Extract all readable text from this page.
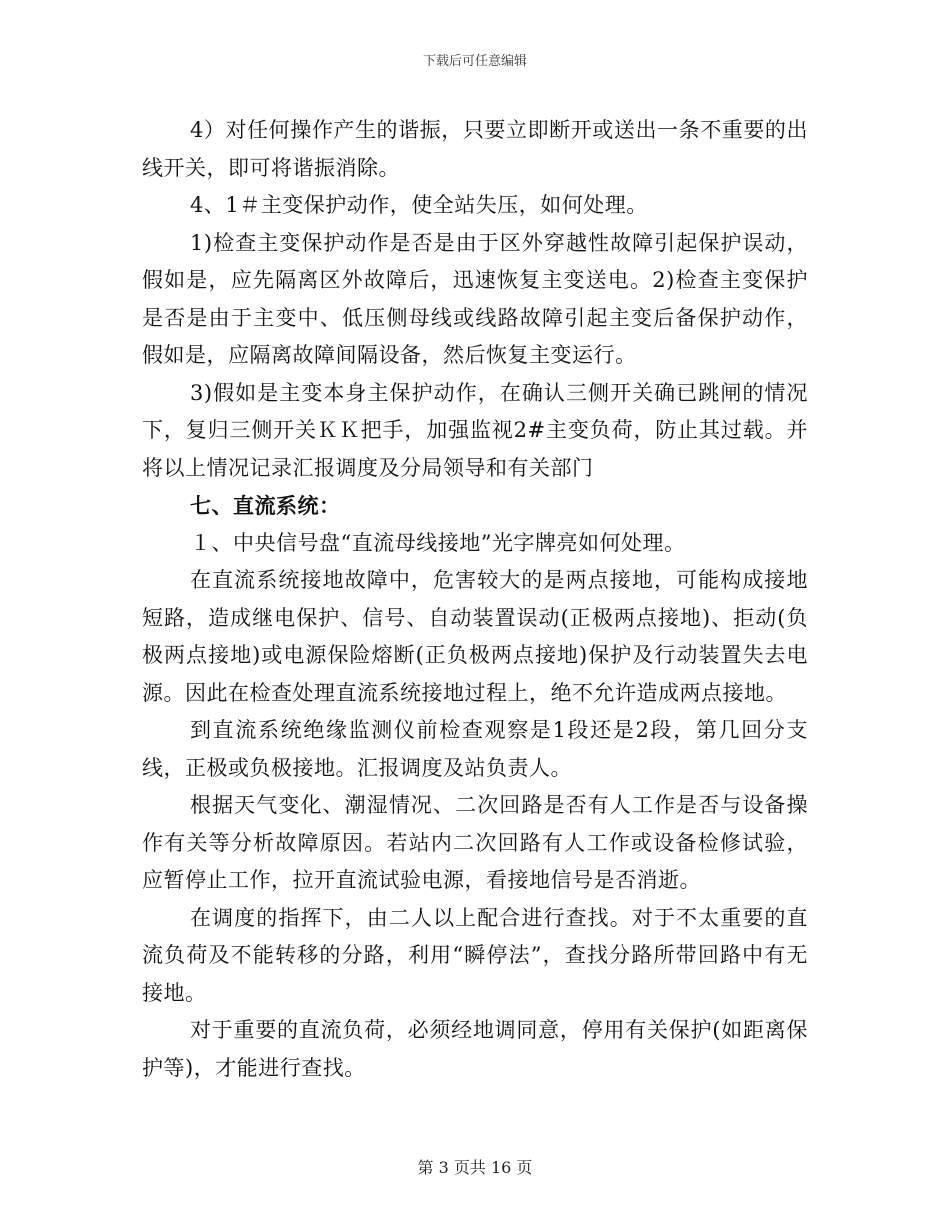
下载后可任意编辑

4）对任何操作产生的谐振，只要立即断开或送出一条不重要的出线开关，即可将谐振消除。

4、1＃主变保护动作，使全站失压，如何处理。

1)检查主变保护动作是否是由于区外穿越性故障引起保护误动，假如是，应先隔离区外故障后，迅速恢复主变送电。2)检查主变保护是否是由于主变中、低压侧母线或线路故障引起主变后备保护动作，假如是，应隔离故障间隔设备，然后恢复主变运行。

3)假如是主变本身主保护动作，在确认三侧开关确已跳闸的情况下，复归三侧开关ＫＫ把手，加强监视2#主变负荷，防止其过载。并将以上情况记录汇报调度及分局领导和有关部门

七、直流系统：

１、中央信号盘“直流母线接地”光字牌亮如何处理。

在直流系统接地故障中，危害较大的是两点接地，可能构成接地短路，造成继电保护、信号、自动装置误动(正极两点接地)、拒动(负极两点接地)或电源保险熔断(正负极两点接地)保护及行动装置失去电源。因此在检查处理直流系统接地过程上，绝不允许造成两点接地。

到直流系统绝缘监测仪前检查观察是1段还是2段，第几回分支线，正极或负极接地。汇报调度及站负责人。

根据天气变化、潮湿情况、二次回路是否有人工作是否与设备操作有关等分析故障原因。若站内二次回路有人工作或设备检修试验，应暂停止工作，拉开直流试验电源，看接地信号是否消逝。

在调度的指挥下，由二人以上配合进行查找。对于不太重要的直流负荷及不能转移的分路，利用“瞬停法”，查找分路所带回路中有无接地。

对于重要的直流负荷，必须经地调同意，停用有关保护(如距离保护等)，才能进行查找。

第 3 页共 16 页
